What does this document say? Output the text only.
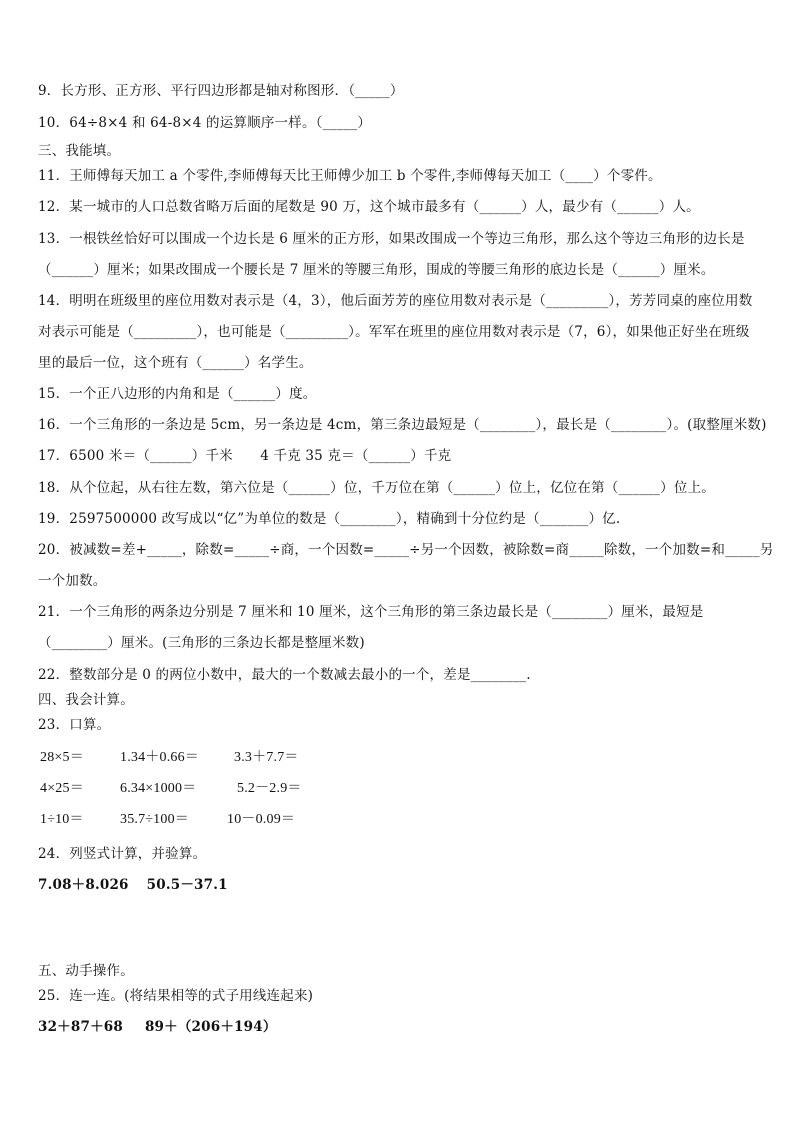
9．长方形、正方形、平行四边形都是轴对称图形．（_____）
10．64÷8×4 和 64-8×4 的运算顺序一样。（_____）
三、我能填。
11．王师傅每天加工 a 个零件,李师傅每天比王师傅少加工 b 个零件,李师傅每天加工（____）个零件。
12．某一城市的人口总数省略万后面的尾数是 90 万，这个城市最多有（______）人，最少有（______）人。
13．一根铁丝恰好可以围成一个边长是 6 厘米的正方形，如果改围成一个等边三角形，那么这个等边三角形的边长是
（______）厘米；如果改围成一个腰长是 7 厘米的等腰三角形，围成的等腰三角形的底边长是（______）厘米。
14．明明在班级里的座位用数对表示是（4，3），他后面芳芳的座位用数对表示是（_________），芳芳同桌的座位用数
对表示可能是（_________），也可能是（_________）。军军在班里的座位用数对表示是（7，6），如果他正好坐在班级
里的最后一位，这个班有（______）名学生。
15．一个正八边形的内角和是（______）度。
16．一个三角形的一条边是 5cm，另一条边是 4cm，第三条边最短是（________），最长是（________）。(取整厘米数)
17．6500 米＝（______）千米　　4 千克 35 克＝（______）千克
18．从个位起，从右往左数，第六位是（______）位，千万位在第（______）位上，亿位在第（______）位上。
19．2597500000 改写成以“亿”为单位的数是（________），精确到十分位约是（_______）亿.
20．被减数=差+_____，除数=_____÷商，一个因数=_____÷另一个因数，被除数=商_____除数，一个加数=和_____另
一个加数。
21．一个三角形的两条边分别是 7 厘米和 10 厘米，这个三角形的第三条边最长是（________）厘米，最短是
（________）厘米。(三角形的三条边长都是整厘米数)
22．整数部分是 0 的两位小数中，最大的一个数减去最小的一个，差是________.
四、我会计算。
23．口算。
28×5＝	1.34＋0.66＝	3.3＋7.7＝
4×25＝	6.34×1000＝	5.2－2.9＝
1÷10＝	35.7÷100＝	10－0.09＝
24．列竖式计算，并验算。
7.08＋8.026 50.5－37.1
五、动手操作。
25．连一连。(将结果相等的式子用线连起来)
32＋87＋68 89＋（206＋194）
